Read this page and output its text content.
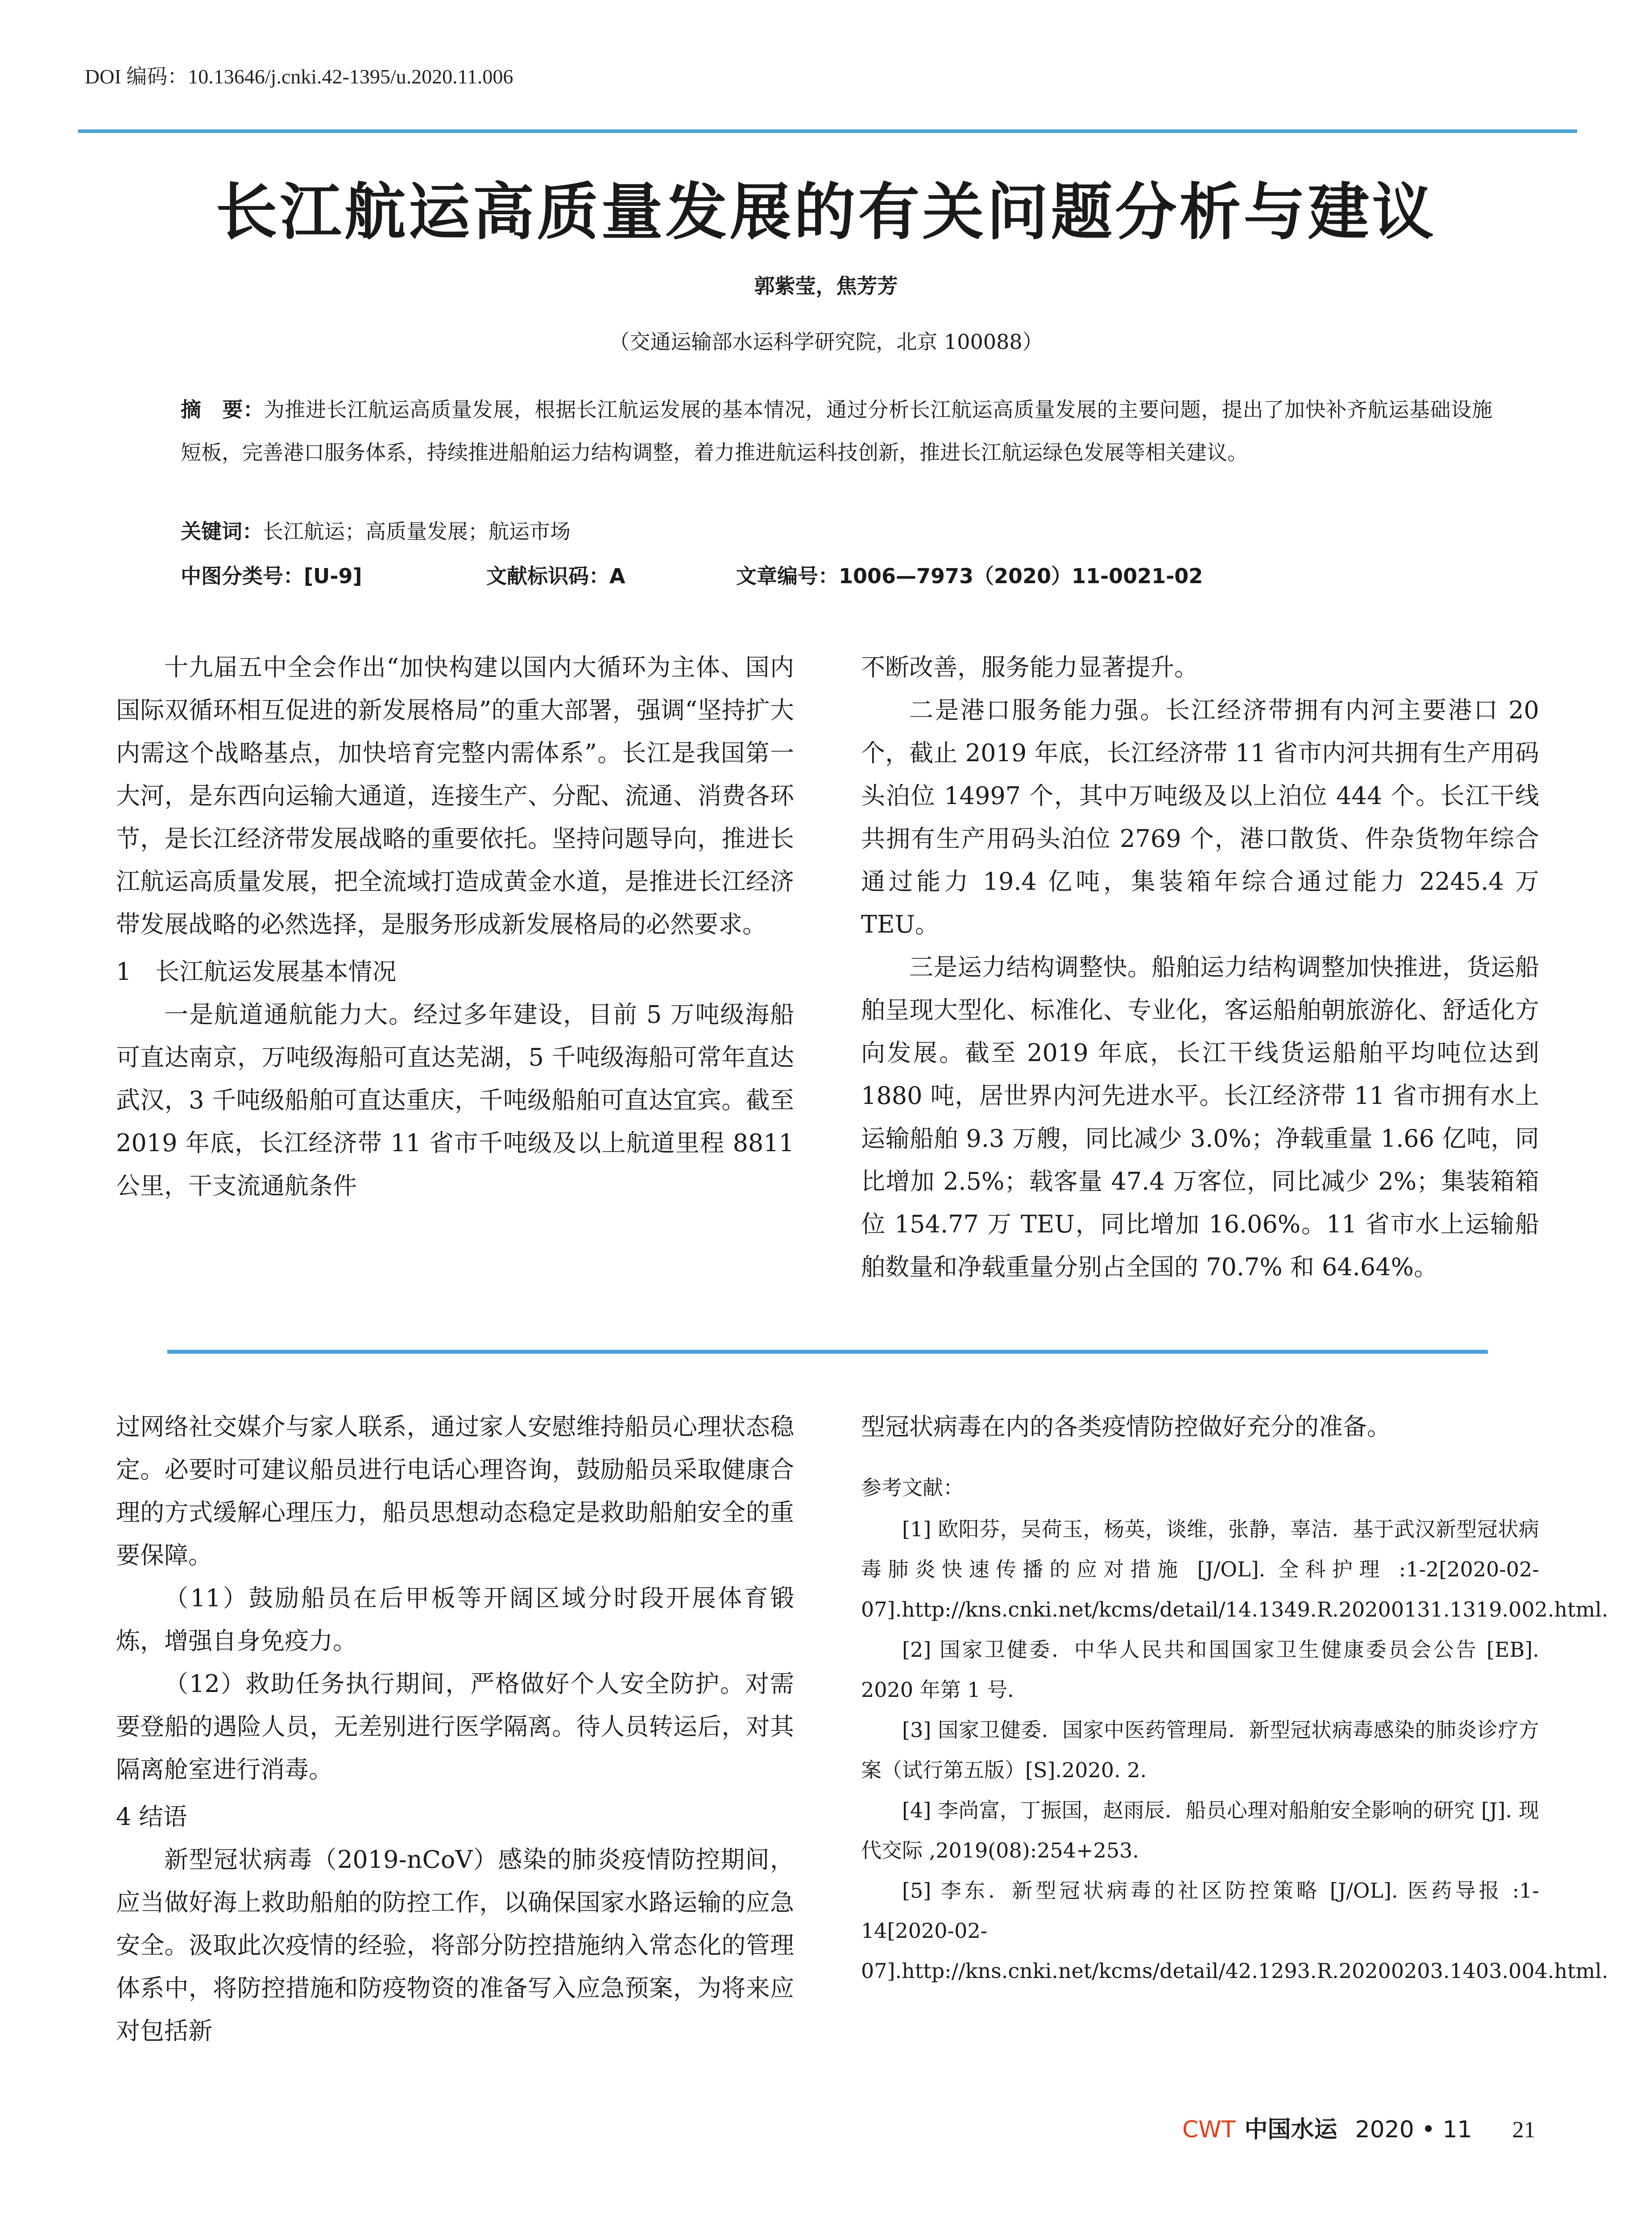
DOI 编码：10.13646/j.cnki.42-1395/u.2020.11.006
长江航运高质量发展的有关问题分析与建议
郭紫莹，焦芳芳
（交通运输部水运科学研究院，北京 100088）
摘　要：为推进长江航运高质量发展，根据长江航运发展的基本情况，通过分析长江航运高质量发展的主要问题，提出了加快补齐航运基础设施短板，完善港口服务体系，持续推进船舶运力结构调整，着力推进航运科技创新，推进长江航运绿色发展等相关建议。
关键词：长江航运；高质量发展；航运市场
中图分类号：[U-9]	文献标识码：A	文章编号：1006—7973（2020）11-0021-02

十九届五中全会作出“加快构建以国内大循环为主体、国内国际双循环相互促进的新发展格局”的重大部署，强调“坚持扩大内需这个战略基点，加快培育完整内需体系”。长江是我国第一大河，是东西向运输大通道，连接生产、分配、流通、消费各环节，是长江经济带发展战略的重要依托。坚持问题导向，推进长江航运高质量发展，把全流域打造成黄金水道，是推进长江经济带发展战略的必然选择，是服务形成新发展格局的必然要求。

1　长江航运发展基本情况

一是航道通航能力大。经过多年建设，目前 5 万吨级海船可直达南京，万吨级海船可直达芜湖，5 千吨级海船可常年直达武汉，3 千吨级船舶可直达重庆，千吨级船舶可直达宜宾。截至 2019 年底，长江经济带 11 省市千吨级及以上航道里程 8811 公里，干支流通航条件

不断改善，服务能力显著提升。

二是港口服务能力强。长江经济带拥有内河主要港口 20 个，截止 2019 年底，长江经济带 11 省市内河共拥有生产用码头泊位 14997 个，其中万吨级及以上泊位 444 个。长江干线共拥有生产用码头泊位 2769 个，港口散货、件杂货物年综合通过能力 19.4 亿吨，集装箱年综合通过能力 2245.4 万 TEU。

三是运力结构调整快。船舶运力结构调整加快推进，货运船舶呈现大型化、标准化、专业化，客运船舶朝旅游化、舒适化方向发展。截至 2019 年底，长江干线货运船舶平均吨位达到 1880 吨，居世界内河先进水平。长江经济带 11 省市拥有水上运输船舶 9.3 万艘，同比减少 3.0%；净载重量 1.66 亿吨，同比增加 2.5%；载客量 47.4 万客位，同比减少 2%；集装箱箱位 154.77 万 TEU，同比增加 16.06%。11 省市水上运输船舶数量和净载重量分别占全国的 70.7% 和 64.64%。

过网络社交媒介与家人联系，通过家人安慰维持船员心理状态稳定。必要时可建议船员进行电话心理咨询，鼓励船员采取健康合理的方式缓解心理压力，船员思想动态稳定是救助船舶安全的重要保障。

（11）鼓励船员在后甲板等开阔区域分时段开展体育锻炼，增强自身免疫力。

（12）救助任务执行期间，严格做好个人安全防护。对需要登船的遇险人员，无差别进行医学隔离。待人员转运后，对其隔离舱室进行消毒。

4 结语

新型冠状病毒（2019-nCoV）感染的肺炎疫情防控期间，应当做好海上救助船舶的防控工作，以确保国家水路运输的应急安全。汲取此次疫情的经验，将部分防控措施纳入常态化的管理体系中，将防控措施和防疫物资的准备写入应急预案，为将来应对包括新

型冠状病毒在内的各类疫情防控做好充分的准备。

参考文献：
[1] 欧阳芬，吴荷玉，杨英，谈维，张静，辜洁．基于武汉新型冠状病毒肺炎快速传播的应对措施 [J/OL]. 全科护理 :1-2[2020-02-07].http://kns.cnki.net/kcms/detail/14.1349.R.20200131.1319.002.html.
[2] 国家卫健委．中华人民共和国国家卫生健康委员会公告 [EB]. 2020 年第 1 号．
[3] 国家卫健委．国家中医药管理局．新型冠状病毒感染的肺炎诊疗方案（试行第五版）[S].2020. 2.
[4] 李尚富，丁振国，赵雨辰．船员心理对船舶安全影响的研究 [J]. 现代交际 ,2019(08):254+253.
[5] 李东．新型冠状病毒的社区防控策略 [J/OL]. 医药导报 :1-14[2020-02-07].http://kns.cnki.net/kcms/detail/42.1293.R.20200203.1403.004.html.
CWT 中国水运 2020 • 11 21
